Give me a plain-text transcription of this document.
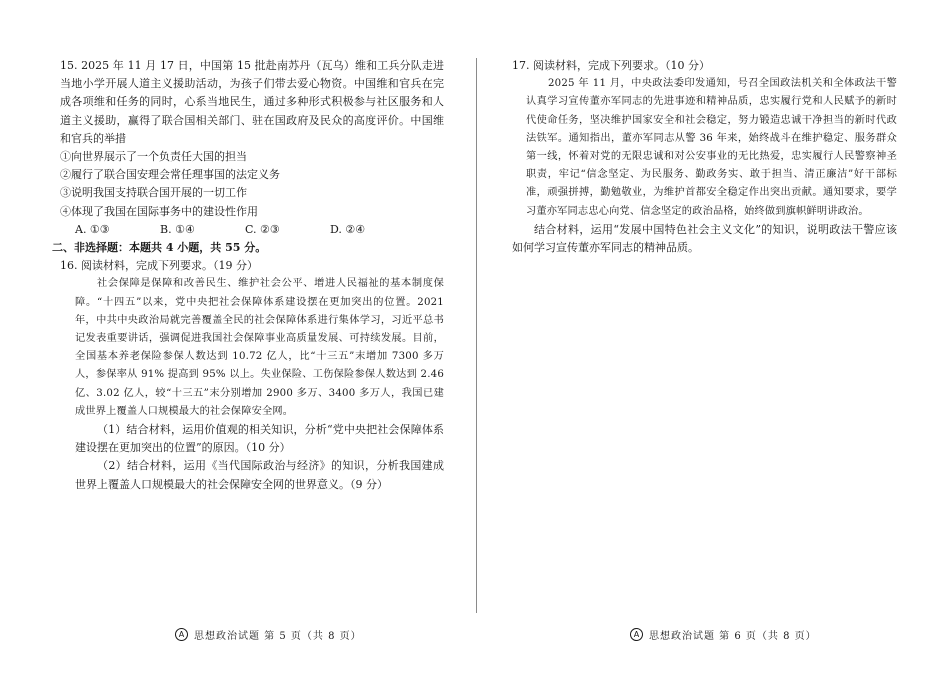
15. 2025 年 11 月 17 日，中国第 15 批赴南苏丹（瓦乌）维和工兵分队走进当地小学开展人道主义援助活动，为孩子们带去爱心物资。中国维和官兵在完成各项维和任务的同时，心系当地民生，通过多种形式积极参与社区服务和人道主义援助，赢得了联合国相关部门、驻在国政府及民众的高度评价。中国维和官兵的举措

①向世界展示了一个负责任大国的担当

②履行了联合国安理会常任理事国的法定义务

③说明我国支持联合国开展的一切工作

④体现了我国在国际事务中的建设性作用

A. ①③	B. ①④	C. ②③	D. ②④

二、非选择题：本题共 4 小题，共 55 分。

16. 阅读材料，完成下列要求。（19 分）

社会保障是保障和改善民生、维护社会公平、增进人民福祉的基本制度保障。“十四五”以来，党中央把社会保障体系建设摆在更加突出的位置。2021 年，中共中央政治局就完善覆盖全民的社会保障体系进行集体学习，习近平总书记发表重要讲话，强调促进我国社会保障事业高质量发展、可持续发展。目前，全国基本养老保险参保人数达到 10.72 亿人，比“十三五”末增加 7300 多万人，参保率从 91% 提高到 95% 以上。失业保险、工伤保险参保人数达到 2.46 亿、3.02 亿人，较“十三五”末分别增加 2900 多万、3400 多万人，我国已建成世界上覆盖人口规模最大的社会保障安全网。

（1）结合材料，运用价值观的相关知识，分析“党中央把社会保障体系建设摆在更加突出的位置”的原因。（10 分）

（2）结合材料，运用《当代国际政治与经济》的知识，分析我国建成世界上覆盖人口规模最大的社会保障安全网的世界意义。（9 分）

A 思想政治试题 第 5 页（共 8 页）

17. 阅读材料，完成下列要求。（10 分）

2025 年 11 月，中央政法委印发通知，号召全国政法机关和全体政法干警认真学习宣传董亦军同志的先进事迹和精神品质，忠实履行党和人民赋予的新时代使命任务，坚决维护国家安全和社会稳定，努力锻造忠诚干净担当的新时代政法铁军。通知指出，董亦军同志从警 36 年来，始终战斗在维护稳定、服务群众第一线，怀着对党的无限忠诚和对公安事业的无比热爱，忠实履行人民警察神圣职责，牢记“信念坚定、为民服务、勤政务实、敢于担当、清正廉洁”好干部标准，顽强拼搏，勤勉敬业，为维护首都安全稳定作出突出贡献。通知要求，要学习董亦军同志忠心向党、信念坚定的政治品格，始终做到旗帜鲜明讲政治。

结合材料，运用“发展中国特色社会主义文化”的知识，说明政法干警应该如何学习宣传董亦军同志的精神品质。

A 思想政治试题 第 6 页（共 8 页）
